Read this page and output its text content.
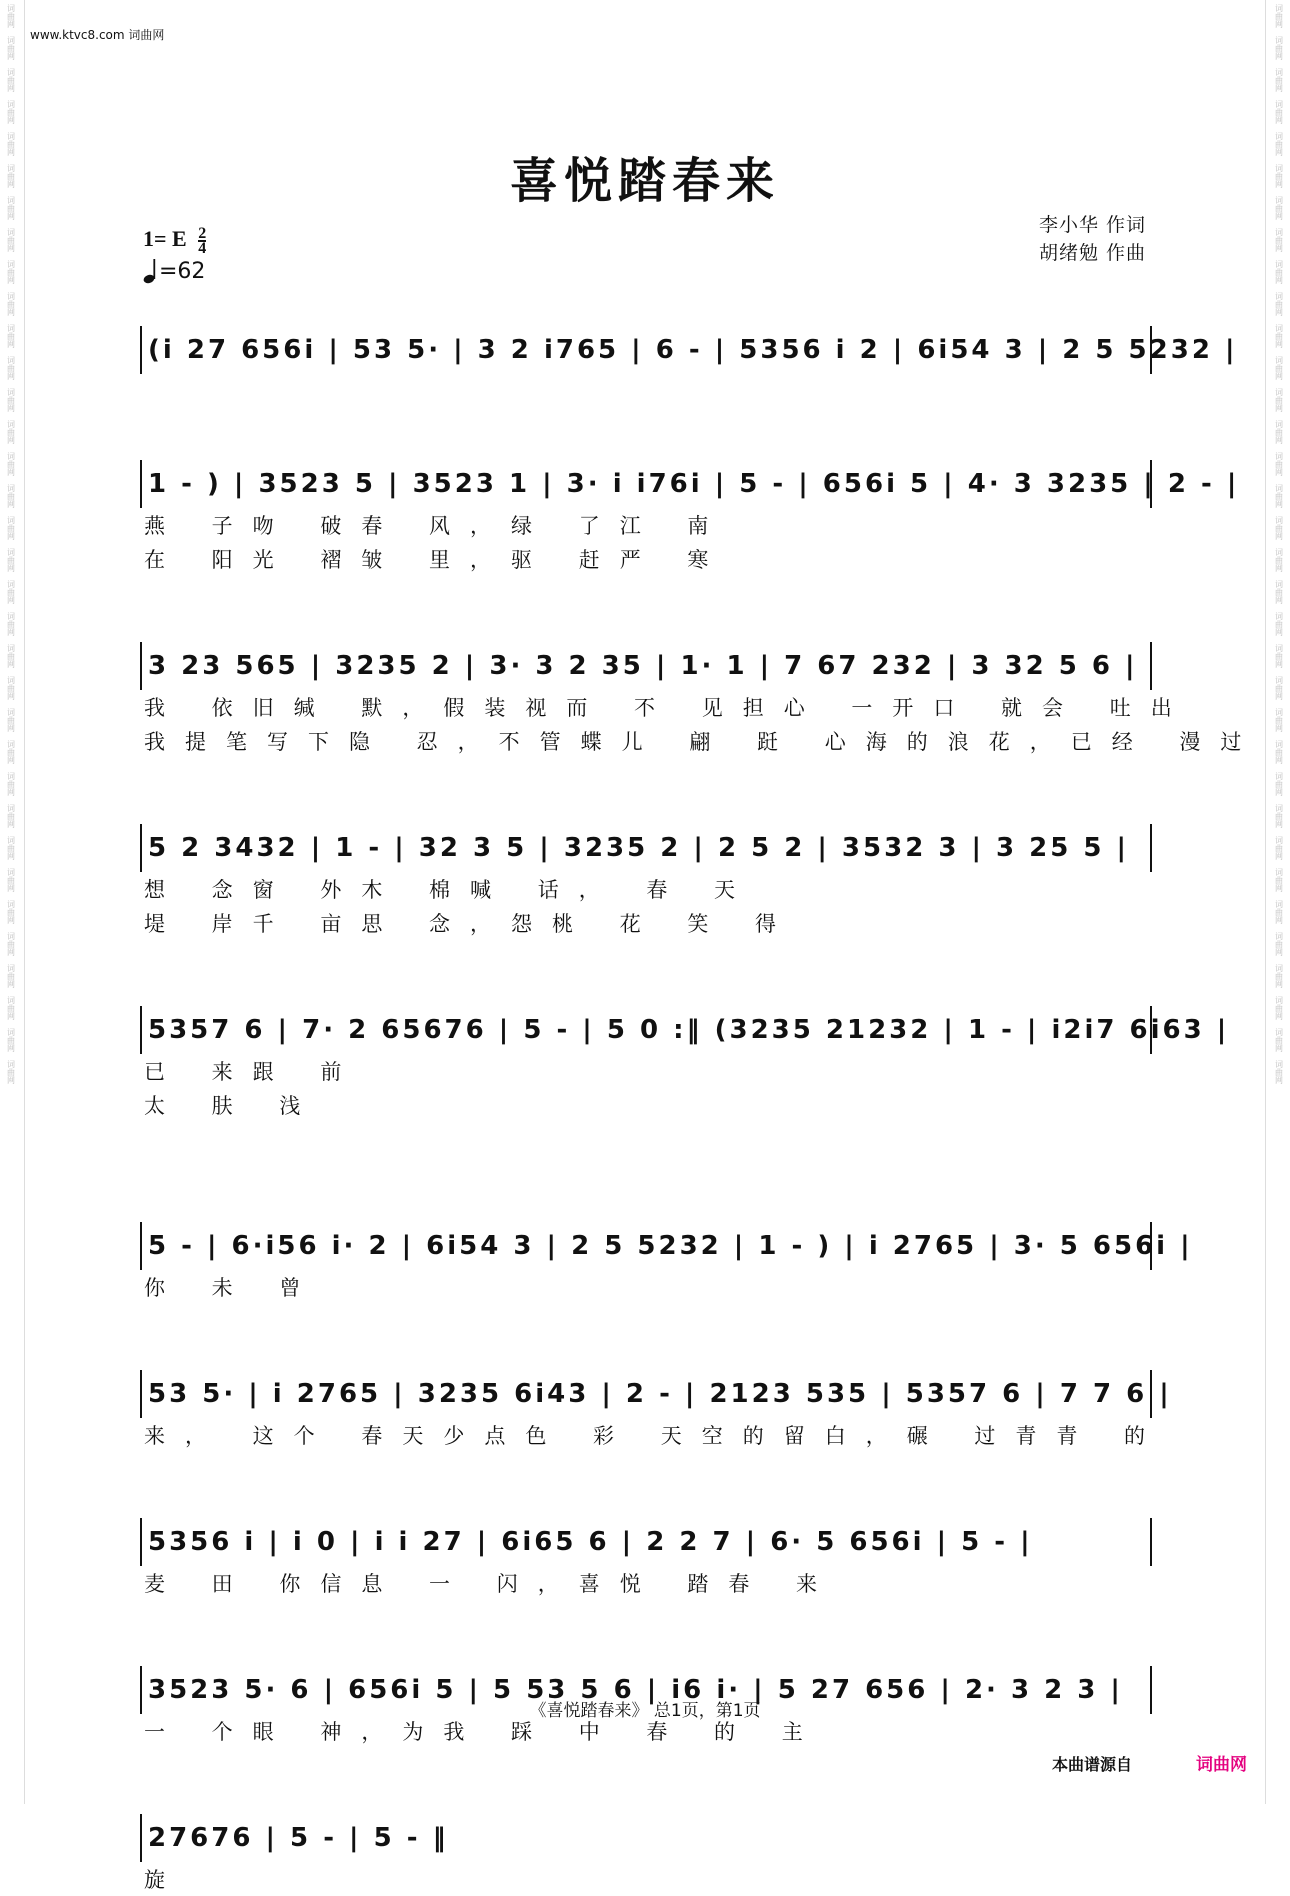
词曲网
词曲网
词曲网
词曲网
词曲网
词曲网
词曲网
词曲网
词曲网
词曲网
词曲网
词曲网
词曲网
词曲网
词曲网
词曲网
词曲网
词曲网
词曲网
词曲网
词曲网
词曲网
词曲网
词曲网
词曲网
词曲网
词曲网
词曲网
词曲网
词曲网
词曲网
词曲网
词曲网
词曲网
词曲网
词曲网
词曲网
词曲网
词曲网
词曲网
词曲网
词曲网
词曲网
词曲网
词曲网
词曲网
词曲网
词曲网
词曲网
词曲网
词曲网
词曲网
词曲网
词曲网
词曲网
词曲网
词曲网
词曲网
词曲网
词曲网
词曲网
词曲网
词曲网
词曲网
词曲网
词曲网
词曲网
词曲网
www.ktvc8.com 词曲网
喜悦踏春来
1= E $\frac{2}{4}$
=62
李小华 作词
胡绪勉 作曲
(i 27 656i | 53 5· | 3 2 i765 | 6 - | 5356 i 2 | 6i54 3 | 2 5 5232 |
1 - ) | 3523 5 | 3523 1 | 3· i i76i | 5 - | 656i 5 | 4· 3 3235 | 2 - |
燕 子吻 破春 风，绿 了江 南
在 阳光 褶皱 里，驱 赶严 寒
3 23 565 | 3235 2 | 3· 3 2 35 | 1· 1 | 7 67 232 | 3 32 5 6 |
我 依旧缄 默，假装视而 不 见担心 一开口 就会 吐出
我提笔写下隐 忍，不管蝶儿 翩 跹 心海的浪花，已经 漫过
5 2 3432 | 1 - | 32 3 5 | 3235 2 | 2 5 2 | 3532 3 | 3 25 5 |
想 念窗 外木 棉喊 话， 春 天
堤 岸千 亩思 念，怨桃 花 笑 得
5357 6 | 7· 2 65676 | 5 - | 5 0 :‖ (3235 21232 | 1 - | i2i7 6i63 |
已 来跟 前
太 肤 浅
5 - | 6·i56 i· 2 | 6i54 3 | 2 5 5232 | 1 - ) | i 2765 | 3· 5 656i |
你 未 曾
53 5· | i 2765 | 3235 6i43 | 2 - | 2123 535 | 5357 6 | 7 7 6 |
来， 这个 春天少点色 彩 天空的留白，碾 过青青 的
5356 i | i 0 | i i 27 | 6i65 6 | 2 2 7 | 6· 5 656i | 5 - |
麦 田 你信息 一 闪，喜悦 踏春 来
3523 5· 6 | 656i 5 | 5 53 5 6 | i6 i· | 5 27 656 | 2· 3 2 3 |
一 个眼 神，为我 踩 中 春 的 主
27676 | 5 - | 5 - ‖
旋
《喜悦踏春来》 总1页，第1页
本曲谱源自	词曲网
